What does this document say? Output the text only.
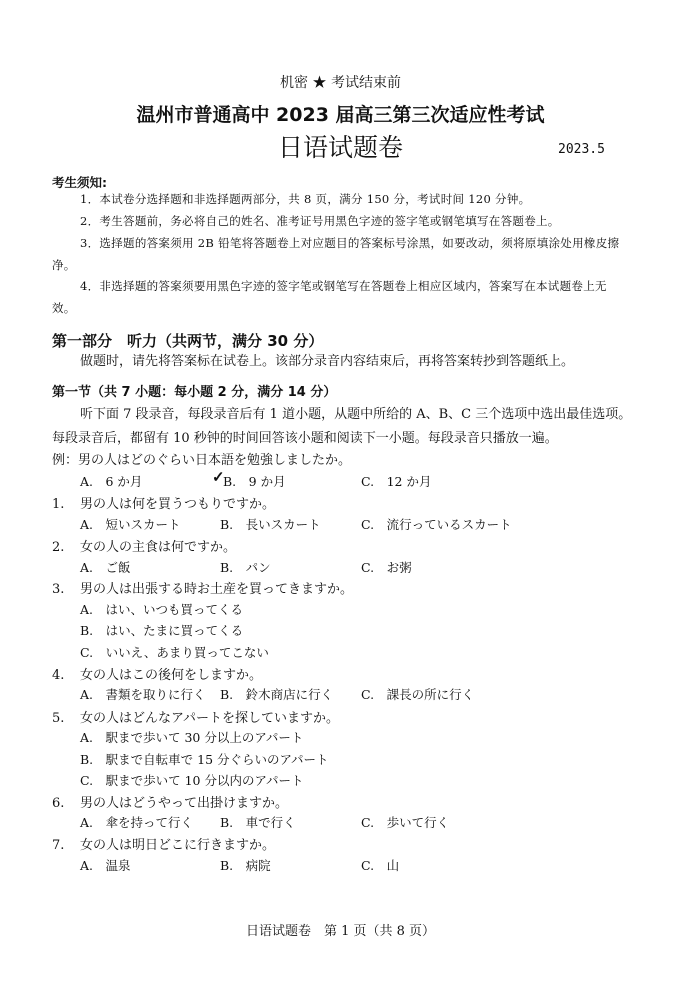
机密 ★ 考试结束前
温州市普通高中 2023 届高三第三次适应性考试
日语试题卷	2023.5
考生须知:
1．本试卷分选择题和非选择题两部分，共 8 页，满分 150 分，考试时间 120 分钟。
2．考生答题前，务必将自己的姓名、准考证号用黑色字迹的签字笔或钢笔填写在答题卷上。
3．选择题的答案须用 2B 铅笔将答题卷上对应题目的答案标号涂黑，如要改动，须将原填涂处用橡皮擦净。
4．非选择题的答案须要用黑色字迹的签字笔或钢笔写在答题卷上相应区域内，答案写在本试题卷上无效。
第一部分　听力（共两节，满分 30 分）
做题时，请先将答案标在试卷上。该部分录音内容结束后，再将答案转抄到答题纸上。
第一节（共 7 小题：每小题 2 分，满分 14 分）
听下面 7 段录音，每段录音后有 1 道小题，从题中所给的 A、B、C 三个选项中选出最佳选项。每段录音后，都留有 10 秒钟的时间回答该小题和阅读下一小题。每段录音只播放一遍。
例：男の人はどのぐらい日本語を勉強しましたか。
A.　6 か月	✓
B.　9 か月	C.　12 か月
1. 男の人は何を買うつもりですか。
A.　短いスカート	B.　長いスカート	C.　流行っているスカート
2. 女の人の主食は何ですか。
A.　ご飯	B.　パン	C.　お粥
3. 男の人は出張する時お土産を買ってきますか。
A.　はい、いつも買ってくる
B.　はい、たまに買ってくる
C.　いいえ、あまり買ってこない
4. 女の人はこの後何をしますか。
A.　書類を取りに行く B.　鈴木商店に行く C.　課長の所に行く
5. 女の人はどんなアパートを探していますか。
A.　駅まで歩いて 30 分以上のアパート
B.　駅まで自転車で 15 分ぐらいのアパート
C.　駅まで歩いて 10 分以内のアパート
6. 男の人はどうやって出掛けますか。
A.　傘を持って行く B.　車で行く	C.　歩いて行く
7. 女の人は明日どこに行きますか。
A.　温泉	B.　病院	C.　山
日语试题卷　第 1 页（共 8 页）
